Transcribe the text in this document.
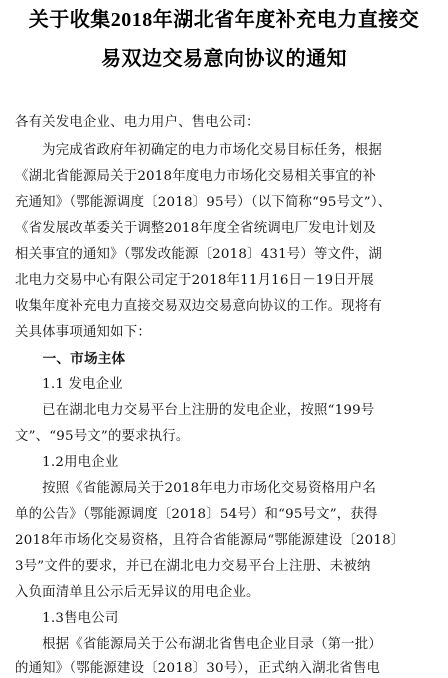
关于收集2018年湖北省年度补充电力直接交
易双边交易意向协议的通知
各有关发电企业、电力用户、售电公司：
　　为完成省政府年初确定的电力市场化交易目标任务，根据
《湖北省能源局关于2018年度电力市场化交易相关事宜的补
充通知》（鄂能源调度〔2018〕95号）（以下简称“95号文”）、
《省发展改革委关于调整2018年度全省统调电厂发电计划及
相关事宜的通知》（鄂发改能源〔2018〕431号）等文件，湖
北电力交易中心有限公司定于2018年11月16日－19日开展
收集年度补充电力直接交易双边交易意向协议的工作。现将有
关具体事项通知如下：
　　一、市场主体
　　1.1 发电企业
　　已在湖北电力交易平台上注册的发电企业，按照“199号
文”、“95号文”的要求执行。
　　1.2用电企业
　　按照《省能源局关于2018年电力市场化交易资格用户名
单的公告》（鄂能源调度〔2018〕54号）和“95号文”，获得
2018年市场化交易资格，且符合省能源局“鄂能源建设〔2018〕
3号”文件的要求，并已在湖北电力交易平台上注册、未被纳
入负面清单且公示后无异议的用电企业。
　　1.3售电公司
　　根据《省能源局关于公布湖北省售电企业目录（第一批）
的通知》（鄂能源建设〔2018〕30号），正式纳入湖北省售电
